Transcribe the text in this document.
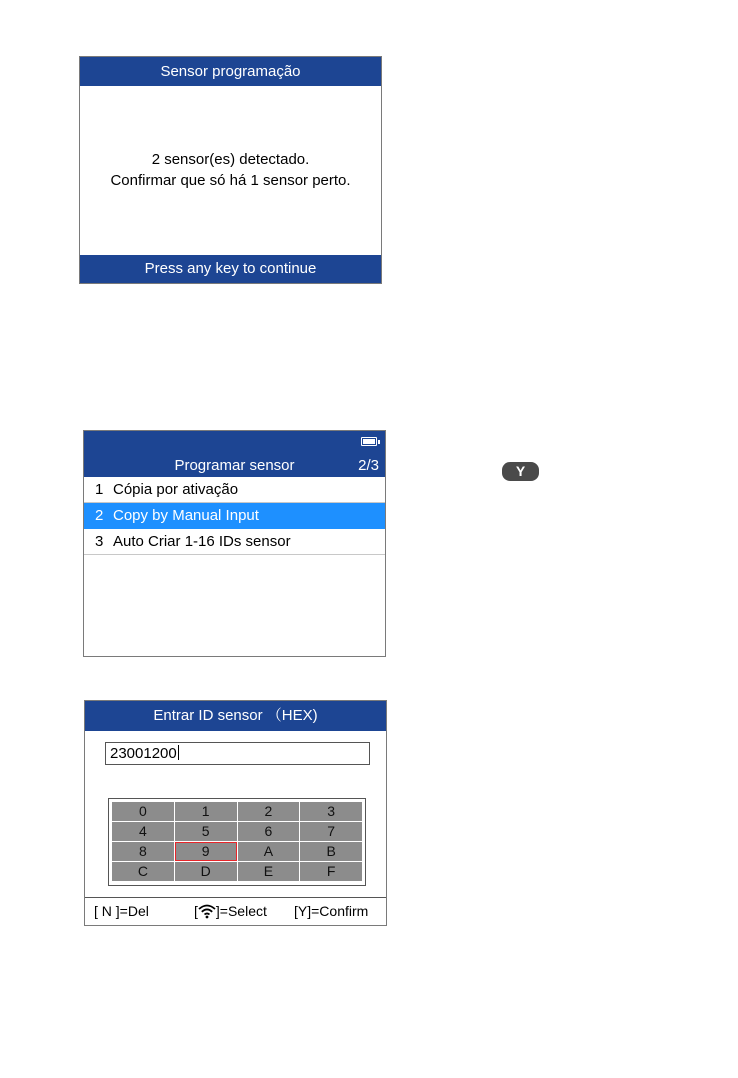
Sensor programação
2 sensor(es) detectado.
Confirmar que só há 1 sensor perto.
Press any key to continue
Programar sensor	2/3
1 Cópia por ativação
2 Copy by Manual Input
3 Auto Criar 1-16 IDs sensor
Y
Entrar ID sensor （HEX)
23001200
0	1	2	3
4	5	6	7
8	9	A	B
C	D	E	F
[ N ]=Del	[ ]=Select [Y]=Confirm
